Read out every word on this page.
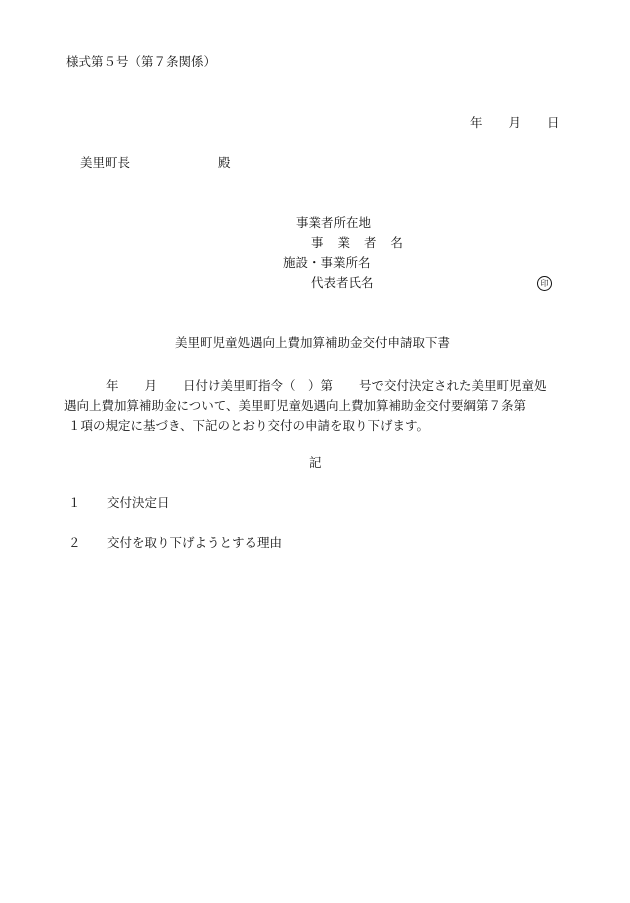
様式第５号（第７条関係）
年 月 日
美里町長	殿
事業者所在地
事 業 者 名
施設・事業所名
代表者氏名	印
美里町児童処遇向上費加算補助金交付申請取下書
年 月 日付け美里町指令（　）第 号で交付決定された美里町児童処
遇向上費加算補助金について、美里町児童処遇向上費加算補助金交付要綱第７条第
１項の規定に基づき、下記のとおり交付の申請を取り下げます。
記
１ 交付決定日
２ 交付を取り下げようとする理由
